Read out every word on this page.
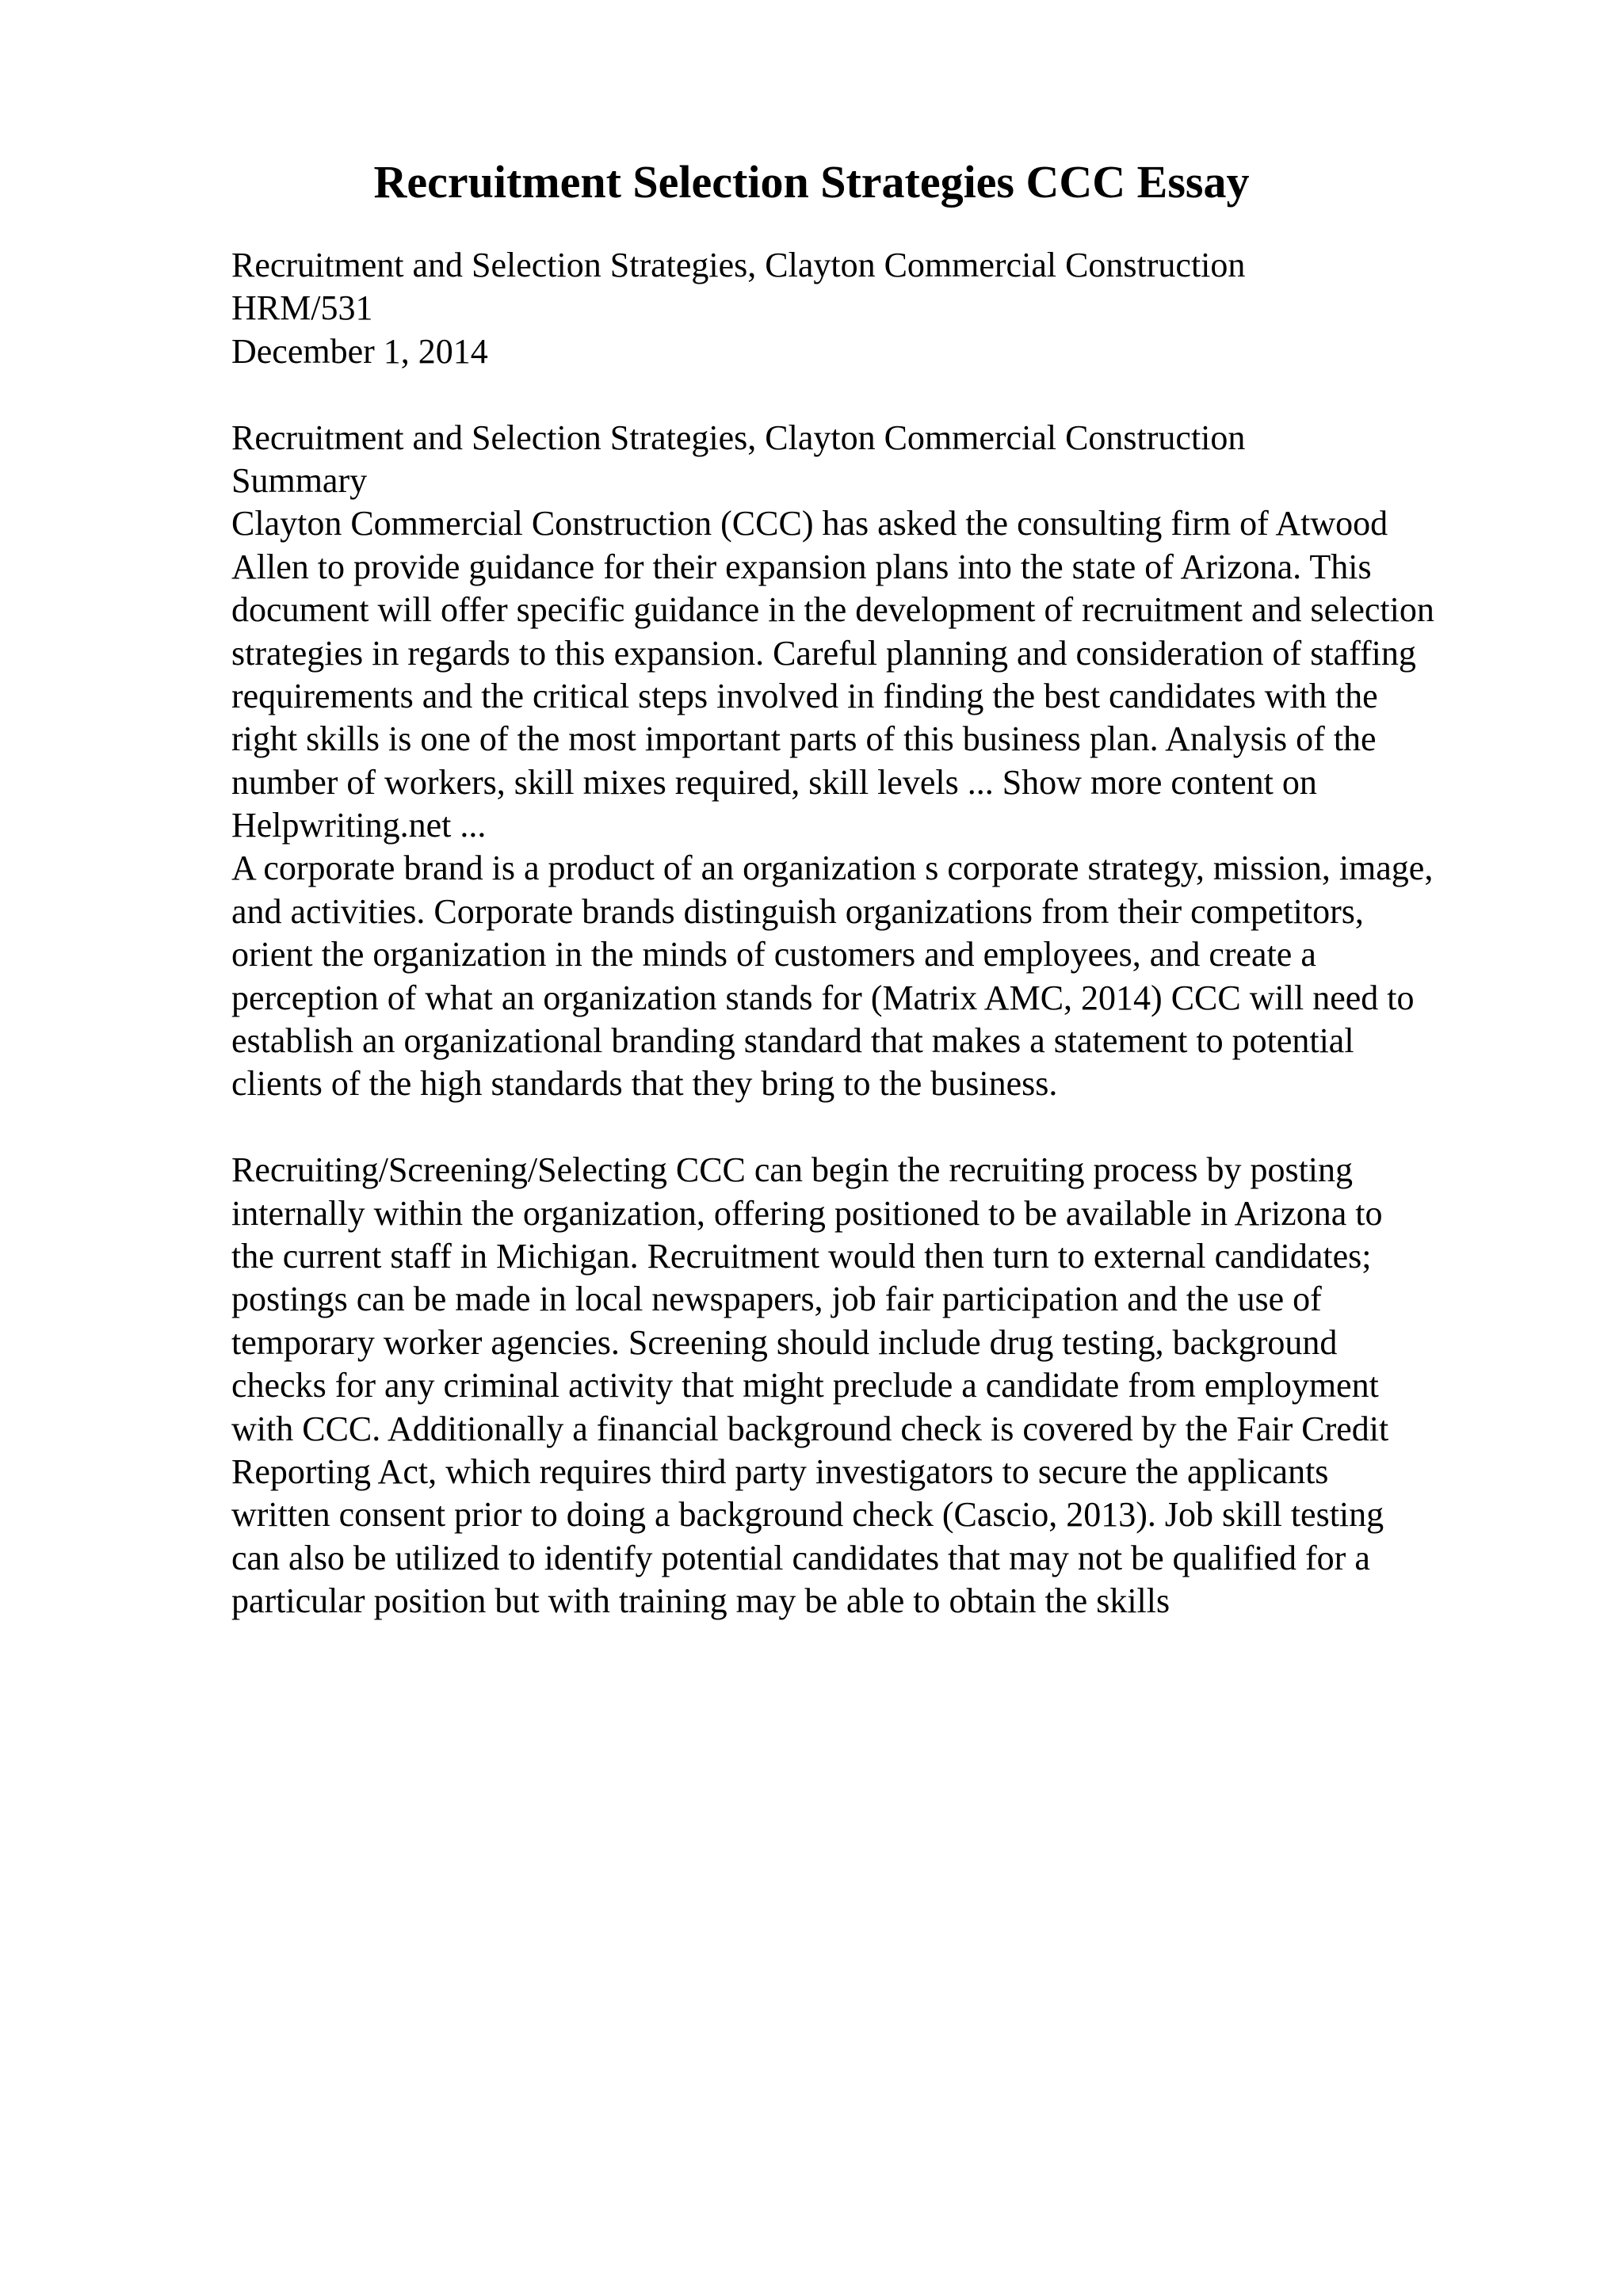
Recruitment Selection Strategies CCC Essay
Recruitment and Selection Strategies, Clayton Commercial Construction
HRM/531
December 1, 2014
Recruitment and Selection Strategies, Clayton Commercial Construction
Summary
Clayton Commercial Construction (CCC) has asked the consulting firm of Atwood
Allen to provide guidance for their expansion plans into the state of Arizona. This
document will offer specific guidance in the development of recruitment and selection
strategies in regards to this expansion. Careful planning and consideration of staffing
requirements and the critical steps involved in finding the best candidates with the
right skills is one of the most important parts of this business plan. Analysis of the
number of workers, skill mixes required, skill levels ... Show more content on
Helpwriting.net ...
A corporate brand is a product of an organization s corporate strategy, mission, image,
and activities. Corporate brands distinguish organizations from their competitors,
orient the organization in the minds of customers and employees, and create a
perception of what an organization stands for (Matrix AMC, 2014) CCC will need to
establish an organizational branding standard that makes a statement to potential
clients of the high standards that they bring to the business.
Recruiting/Screening/Selecting CCC can begin the recruiting process by posting
internally within the organization, offering positioned to be available in Arizona to
the current staff in Michigan. Recruitment would then turn to external candidates;
postings can be made in local newspapers, job fair participation and the use of
temporary worker agencies. Screening should include drug testing, background
checks for any criminal activity that might preclude a candidate from employment
with CCC. Additionally a financial background check is covered by the Fair Credit
Reporting Act, which requires third party investigators to secure the applicants
written consent prior to doing a background check (Cascio, 2013). Job skill testing
can also be utilized to identify potential candidates that may not be qualified for a
particular position but with training may be able to obtain the skills
